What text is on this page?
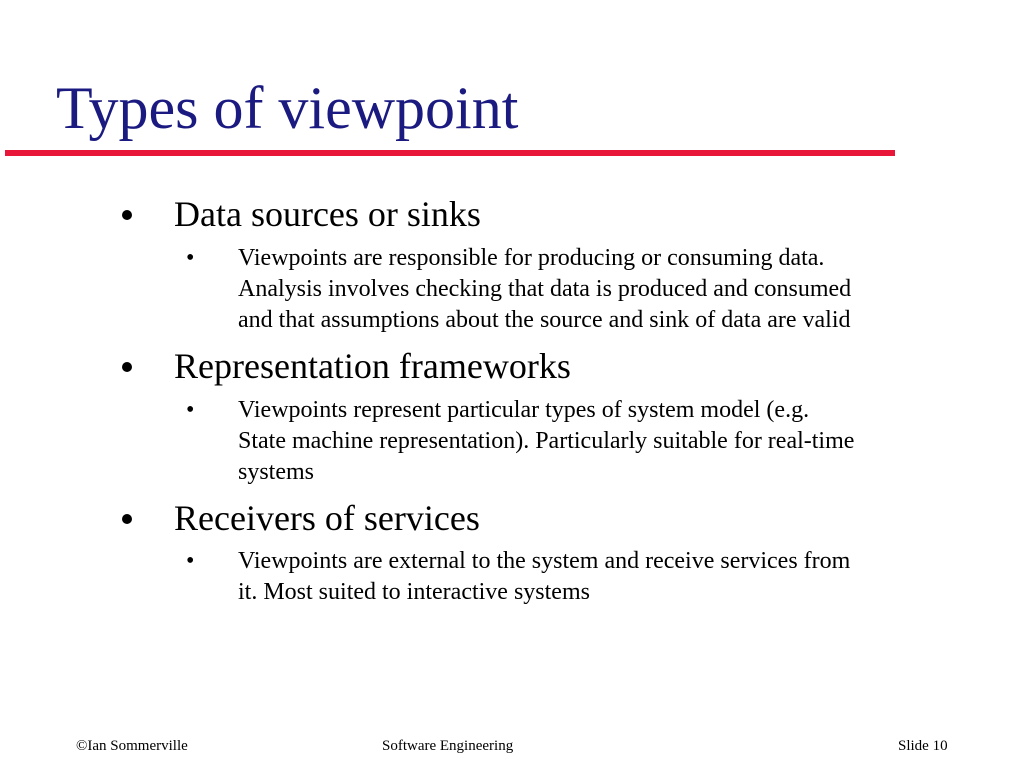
Types of viewpoint
Data sources or sinks
• Viewpoints are responsible for producing or consuming data.
Analysis involves checking that data is produced and consumed
and that assumptions about the source and sink of data are valid
Representation frameworks
• Viewpoints represent particular types of system model (e.g.
State machine representation). Particularly suitable for real-time
systems
Receivers of services
• Viewpoints are external to the system and receive services from
it. Most suited to interactive systems
©Ian Sommerville	Software Engineering	Slide 10
